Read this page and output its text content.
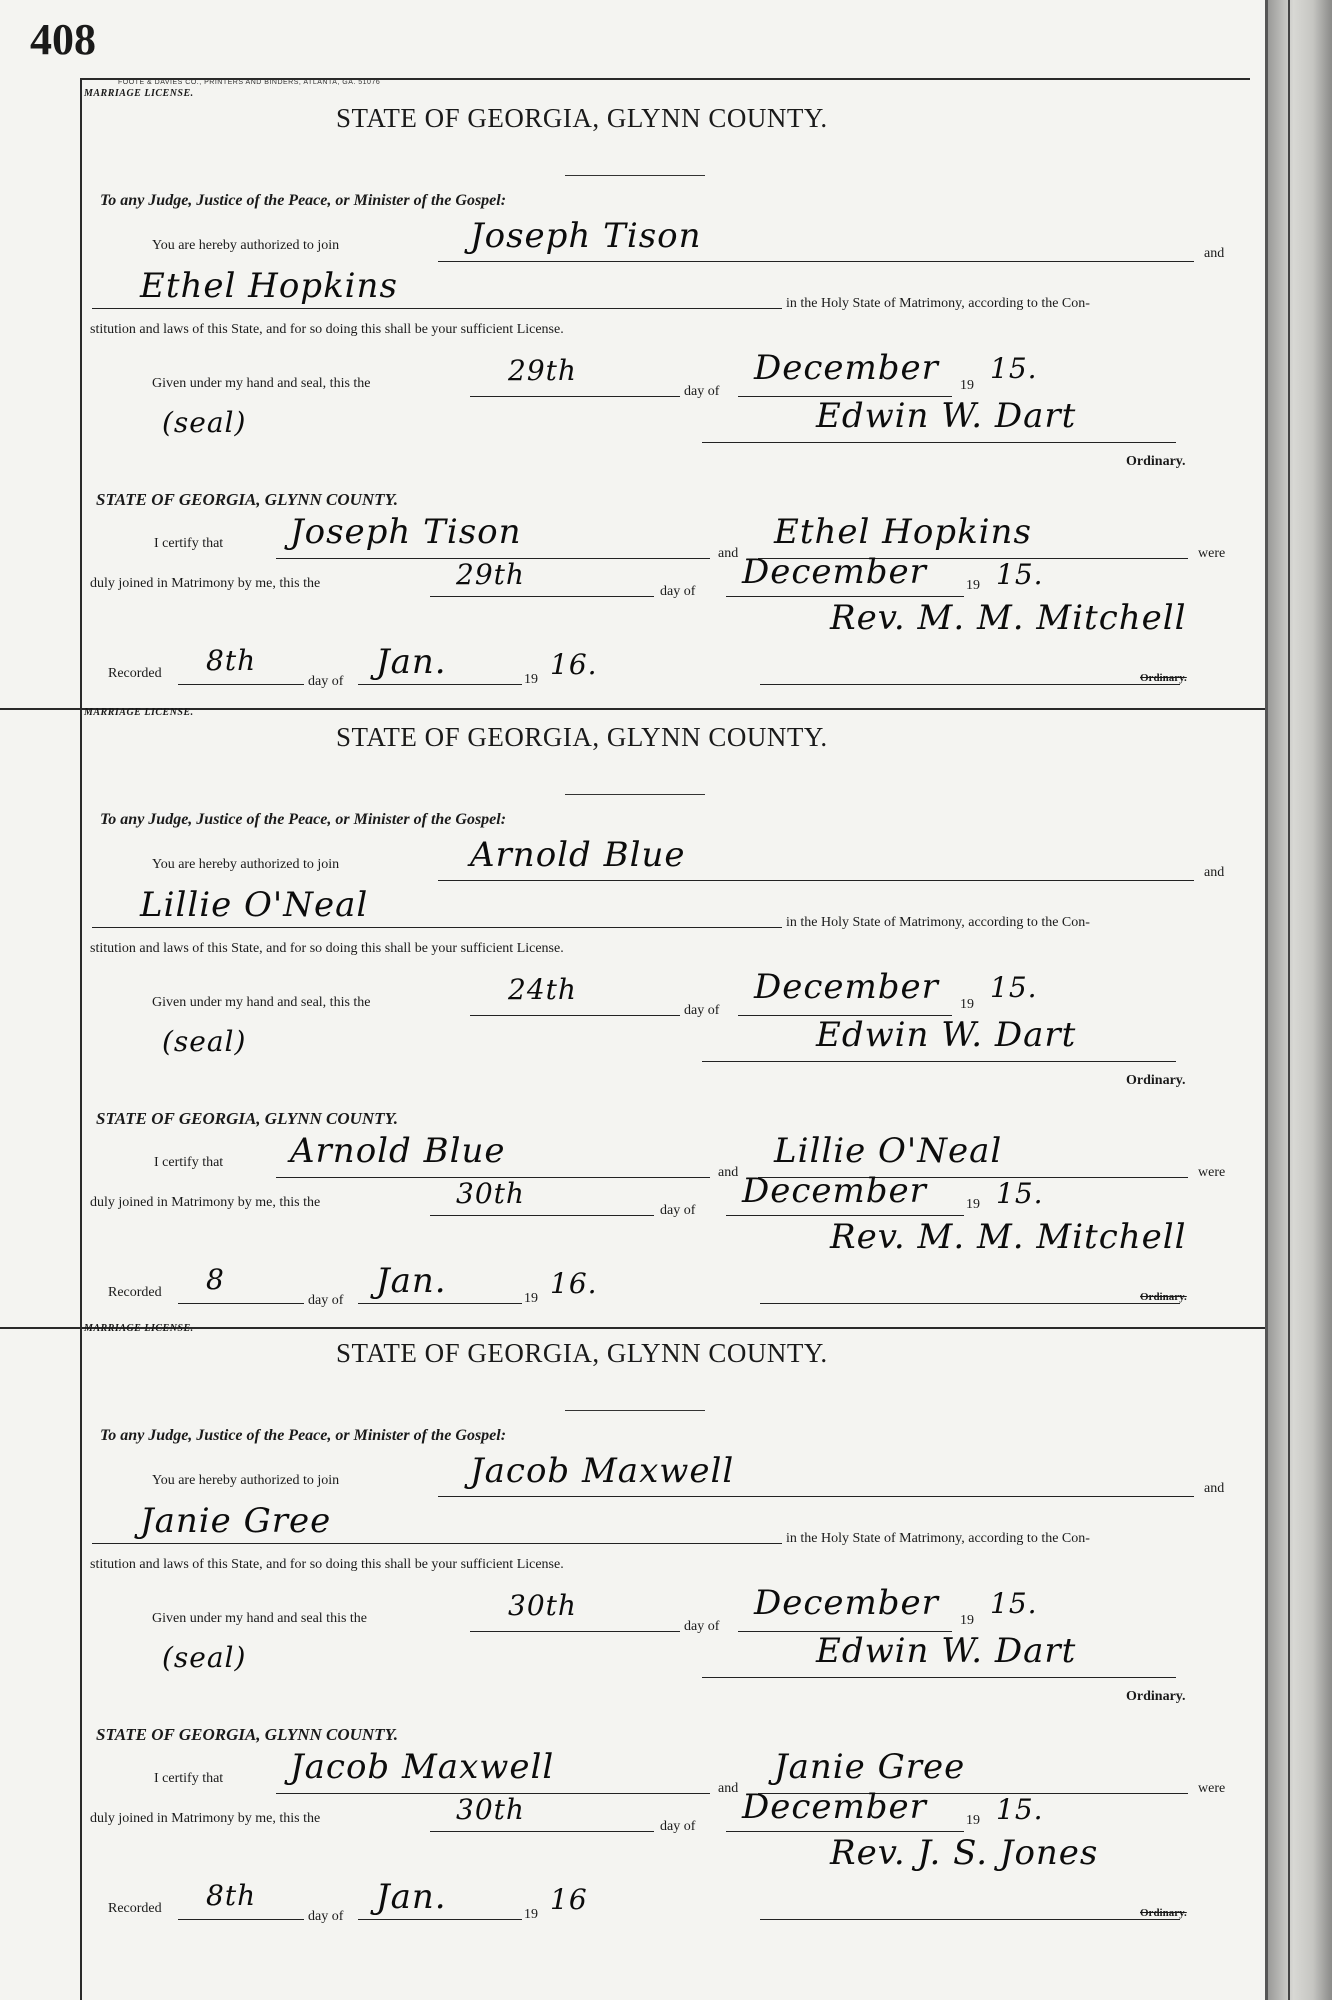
408
FOOTE & DAVIES CO., PRINTERS AND BINDERS, ATLANTA, GA. 51076
MARRIAGE LICENSE.
STATE OF GEORGIA, GLYNN COUNTY.
To any Judge, Justice of the Peace, or Minister of the Gospel:
You are hereby authorized to join	Joseph Tison	and
Ethel Hopkins	in the Holy State of Matrimony, according to the Con-
stitution and laws of this State, and for so doing this shall be your sufficient License.
Given under my hand and seal, this the	29th
day of
December 19
15.
(seal)	Edwin W. Dart
Ordinary.
STATE OF GEORGIA, GLYNN COUNTY.
I certify that Joseph Tison
and
Ethel Hopkins
were
duly joined in Matrimony by me, this the	29th
day of December	19 15.
Rev. M. M. Mitchell
Recorded 8th
day of Jan.	19 16.	Ordinary.
MARRIAGE LICENSE.
STATE OF GEORGIA, GLYNN COUNTY.
To any Judge, Justice of the Peace, or Minister of the Gospel:
You are hereby authorized to join	Arnold Blue	and
Lillie O'Neal	in the Holy State of Matrimony, according to the Con-
stitution and laws of this State, and for so doing this shall be your sufficient License.
Given under my hand and seal, this the	24th
day of
December 19
15.
(seal)	Edwin W. Dart
Ordinary.
STATE OF GEORGIA, GLYNN COUNTY.
I certify that Arnold Blue
and
Lillie O'Neal
were
duly joined in Matrimony by me, this the	30th
day of December	19 15.
Rev. M. M. Mitchell
Recorded 8
day of Jan.	19 16.	Ordinary.
MARRIAGE LICENSE.
STATE OF GEORGIA, GLYNN COUNTY.
To any Judge, Justice of the Peace, or Minister of the Gospel:
You are hereby authorized to join	Jacob Maxwell	and
Janie Gree	in the Holy State of Matrimony, according to the Con-
stitution and laws of this State, and for so doing this shall be your sufficient License.
Given under my hand and seal this the	30th
day of
December 19
15.
(seal)	Edwin W. Dart
Ordinary.
STATE OF GEORGIA, GLYNN COUNTY.
I certify that Jacob Maxwell
and
Janie Gree
were
duly joined in Matrimony by me, this the	30th
day of December	19 15.
Rev. J. S. Jones
Recorded 8th
day of Jan.	19 16	Ordinary.
